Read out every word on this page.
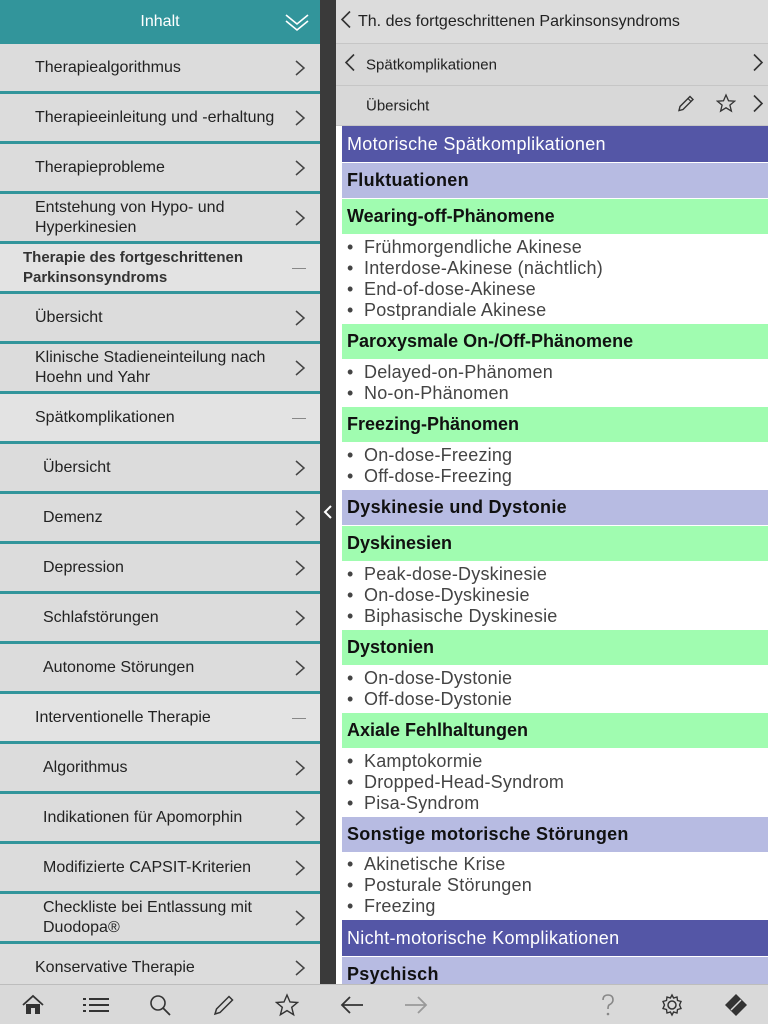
Inhalt
Therapiealgorithmus
Therapieeinleitung und -erhaltung
Therapieprobleme
Entstehung von Hypo- und Hyperkinesien
Therapie des fortgeschrittenen Parkinsonsyndroms
Übersicht
Klinische Stadieneinteilung nach Hoehn und Yahr
Spätkomplikationen
Übersicht
Demenz
Depression
Schlafstörungen
Autonome Störungen
Interventionelle Therapie
Algorithmus
Indikationen für Apomorphin
Modifizierte CAPSIT-Kriterien
Checkliste bei Entlassung mit Duodopa®
Konservative Therapie
Th. des fortgeschrittenen Parkinsonsyndroms
Spätkomplikationen
Übersicht
Motorische Spätkomplikationen
Fluktuationen
Wearing-off-Phänomene
• Frühmorgendliche Akinese
• Interdose-Akinese (nächtlich)
• End-of-dose-Akinese
• Postprandiale Akinese
Paroxysmale On-/Off-Phänomene
• Delayed-on-Phänomen
• No-on-Phänomen
Freezing-Phänomen
• On-dose-Freezing
• Off-dose-Freezing
Dyskinesie und Dystonie
Dyskinesien
• Peak-dose-Dyskinesie
• On-dose-Dyskinesie
• Biphasische Dyskinesie
Dystonien
• On-dose-Dystonie
• Off-dose-Dystonie
Axiale Fehlhaltungen
• Kamptokormie
• Dropped-Head-Syndrom
• Pisa-Syndrom
Sonstige motorische Störungen
• Akinetische Krise
• Posturale Störungen
• Freezing
Nicht-motorische Komplikationen
Psychisch
